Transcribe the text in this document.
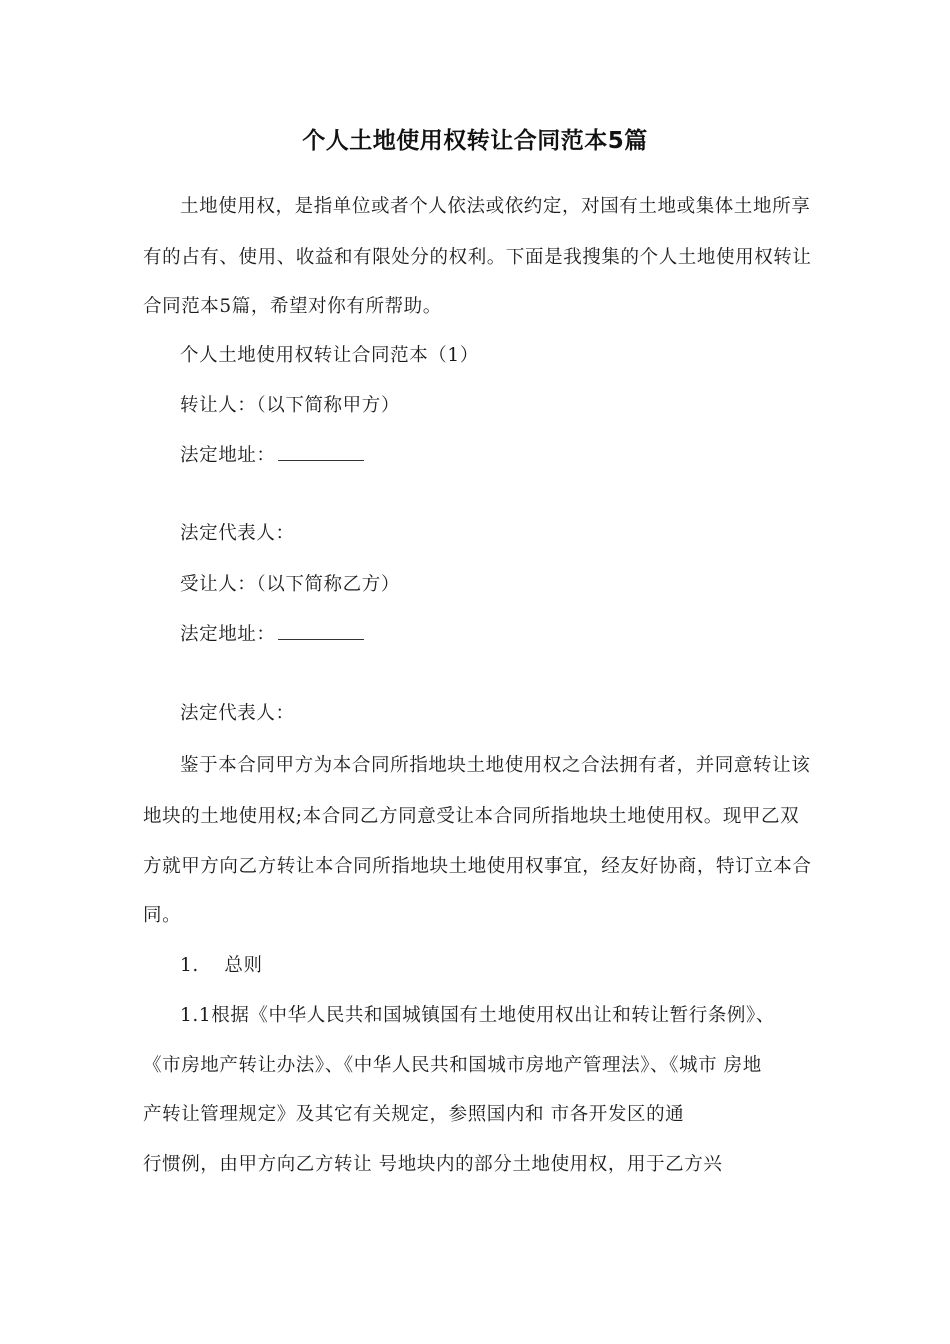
个人土地使用权转让合同范本5篇
土地使用权，是指单位或者个人依法或依约定，对国有土地或集体土地所享
有的占有、使用、收益和有限处分的权利。下面是我搜集的个人土地使用权转让
合同范本5篇，希望对你有所帮助。
个人土地使用权转让合同范本（1）
转让人：（以下简称甲方）
法定地址：
法定代表人：
受让人：（以下简称乙方）
法定地址：
法定代表人：
鉴于本合同甲方为本合同所指地块土地使用权之合法拥有者，并同意转让该
地块的土地使用权;本合同乙方同意受让本合同所指地块土地使用权。现甲乙双
方就甲方向乙方转让本合同所指地块土地使用权事宜，经友好协商，特订立本合
同。
1.　 总则
1.1根据《中华人民共和国城镇国有土地使用权出让和转让暂行条例》、
《市房地产转让办法》、《中华人民共和国城市房地产管理法》、《城市 房地
产转让管理规定》及其它有关规定，参照国内和 市各开发区的通
行惯例，由甲方向乙方转让 号地块内的部分土地使用权，用于乙方兴
